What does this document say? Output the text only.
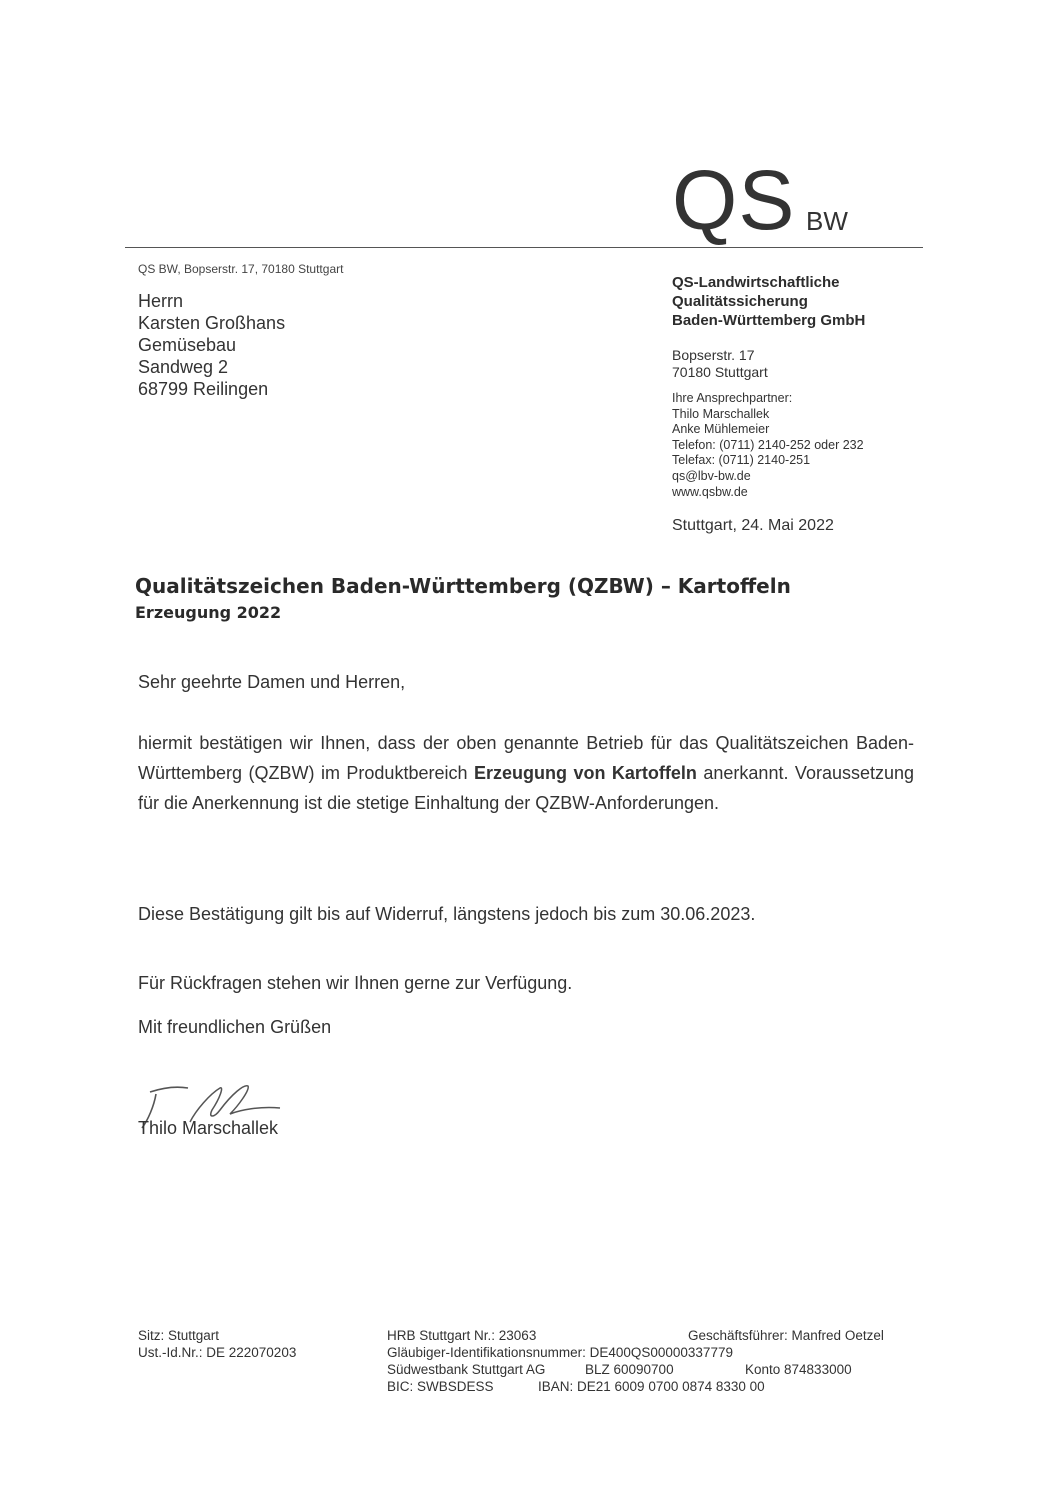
QS BW
QS BW, Bopserstr. 17, 70180 Stuttgart
Herrn
Karsten Großhans
Gemüsebau
Sandweg 2
68799 Reilingen
QS-Landwirtschaftliche
Qualitätssicherung
Baden-Württemberg GmbH
Bopserstr. 17
70180 Stuttgart
Ihre Ansprechpartner:
Thilo Marschallek
Anke Mühlemeier
Telefon: (0711) 2140-252 oder 232
Telefax: (0711) 2140-251
qs@lbv-bw.de
www.qsbw.de
Stuttgart, 24. Mai 2022
Qualitätszeichen Baden-Württemberg (QZBW) – Kartoffeln
Erzeugung 2022
Sehr geehrte Damen und Herren,
hiermit bestätigen wir Ihnen, dass der oben genannte Betrieb für das Qualitätszeichen Baden-Württemberg (QZBW) im Produktbereich Erzeugung von Kartoffeln anerkannt. Voraussetzung für die Anerkennung ist die stetige Einhaltung der QZBW-Anforderungen.
Diese Bestätigung gilt bis auf Widerruf, längstens jedoch bis zum 30.06.2023.
Für Rückfragen stehen wir Ihnen gerne zur Verfügung.
Mit freundlichen Grüßen
Thilo Marschallek
Sitz: Stuttgart
Ust.-Id.Nr.: DE 222070203
HRB Stuttgart Nr.: 23063
Gläubiger-Identifikationsnummer: DE400QS00000337779
Südwestbank Stuttgart AG
BIC: SWBSDESS
BLZ 60090700	Konto 874833000
IBAN: DE21 6009 0700 0874 8330 00
Geschäftsführer: Manfred Oetzel
